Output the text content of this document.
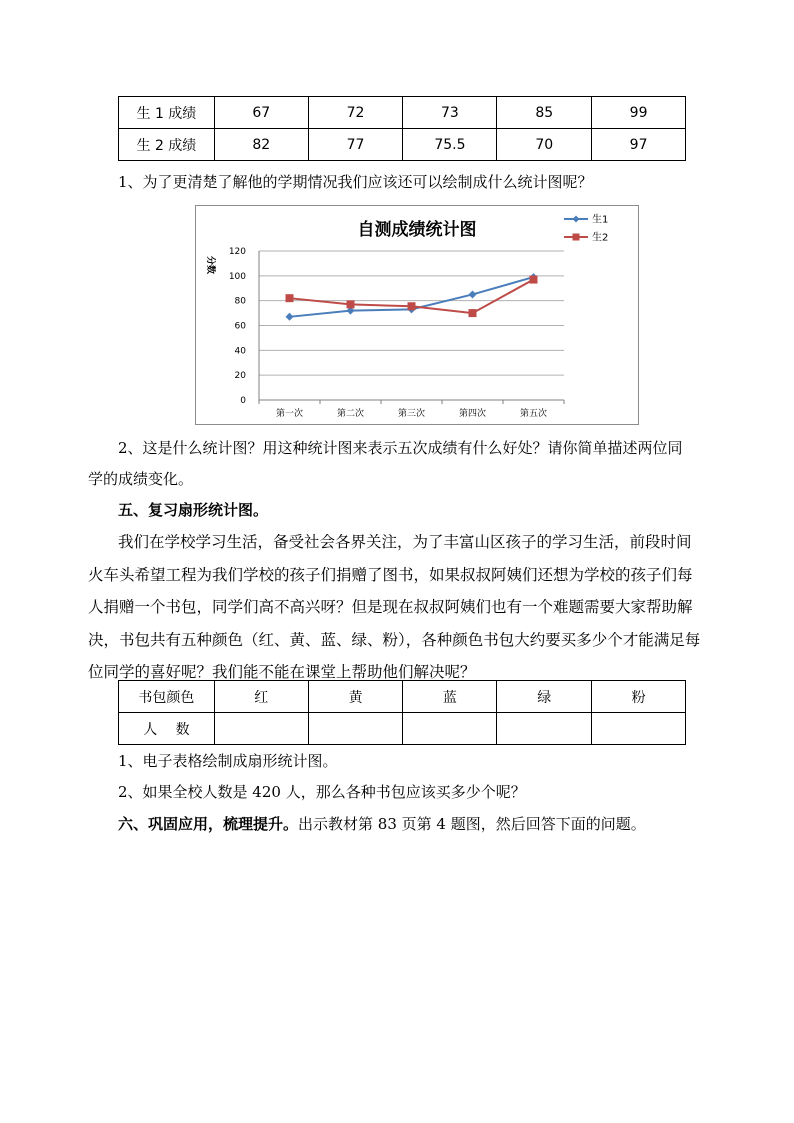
生 1 成绩	67	72	73	85	99
生 2 成绩	82	77	75.5	70	97
1、为了更清楚了解他的学期情况我们应该还可以绘制成什么统计图呢？
0
20
40
60
80
100
120
第一次	第二次	第三次	第四次	第五次
自测成绩统计图
分数
生1
生2
2、这是什么统计图？用这种统计图来表示五次成绩有什么好处？请你简单描述两位同
学的成绩变化。
五、复习扇形统计图。
我们在学校学习生活，备受社会各界关注，为了丰富山区孩子的学习生活，前段时间
火车头希望工程为我们学校的孩子们捐赠了图书，如果叔叔阿姨们还想为学校的孩子们每
人捐赠一个书包，同学们高不高兴呀？但是现在叔叔阿姨们也有一个难题需要大家帮助解
决，书包共有五种颜色（红、黄、蓝、绿、粉），各种颜色书包大约要买多少个才能满足每
位同学的喜好呢？我们能不能在课堂上帮助他们解决呢？
书包颜色	红	黄	蓝	绿	粉
人　 数					
1、电子表格绘制成扇形统计图。
2、如果全校人数是 420 人，那么各种书包应该买多少个呢？
六、巩固应用，梳理提升。出示教材第 83 页第 4 题图，然后回答下面的问题。
